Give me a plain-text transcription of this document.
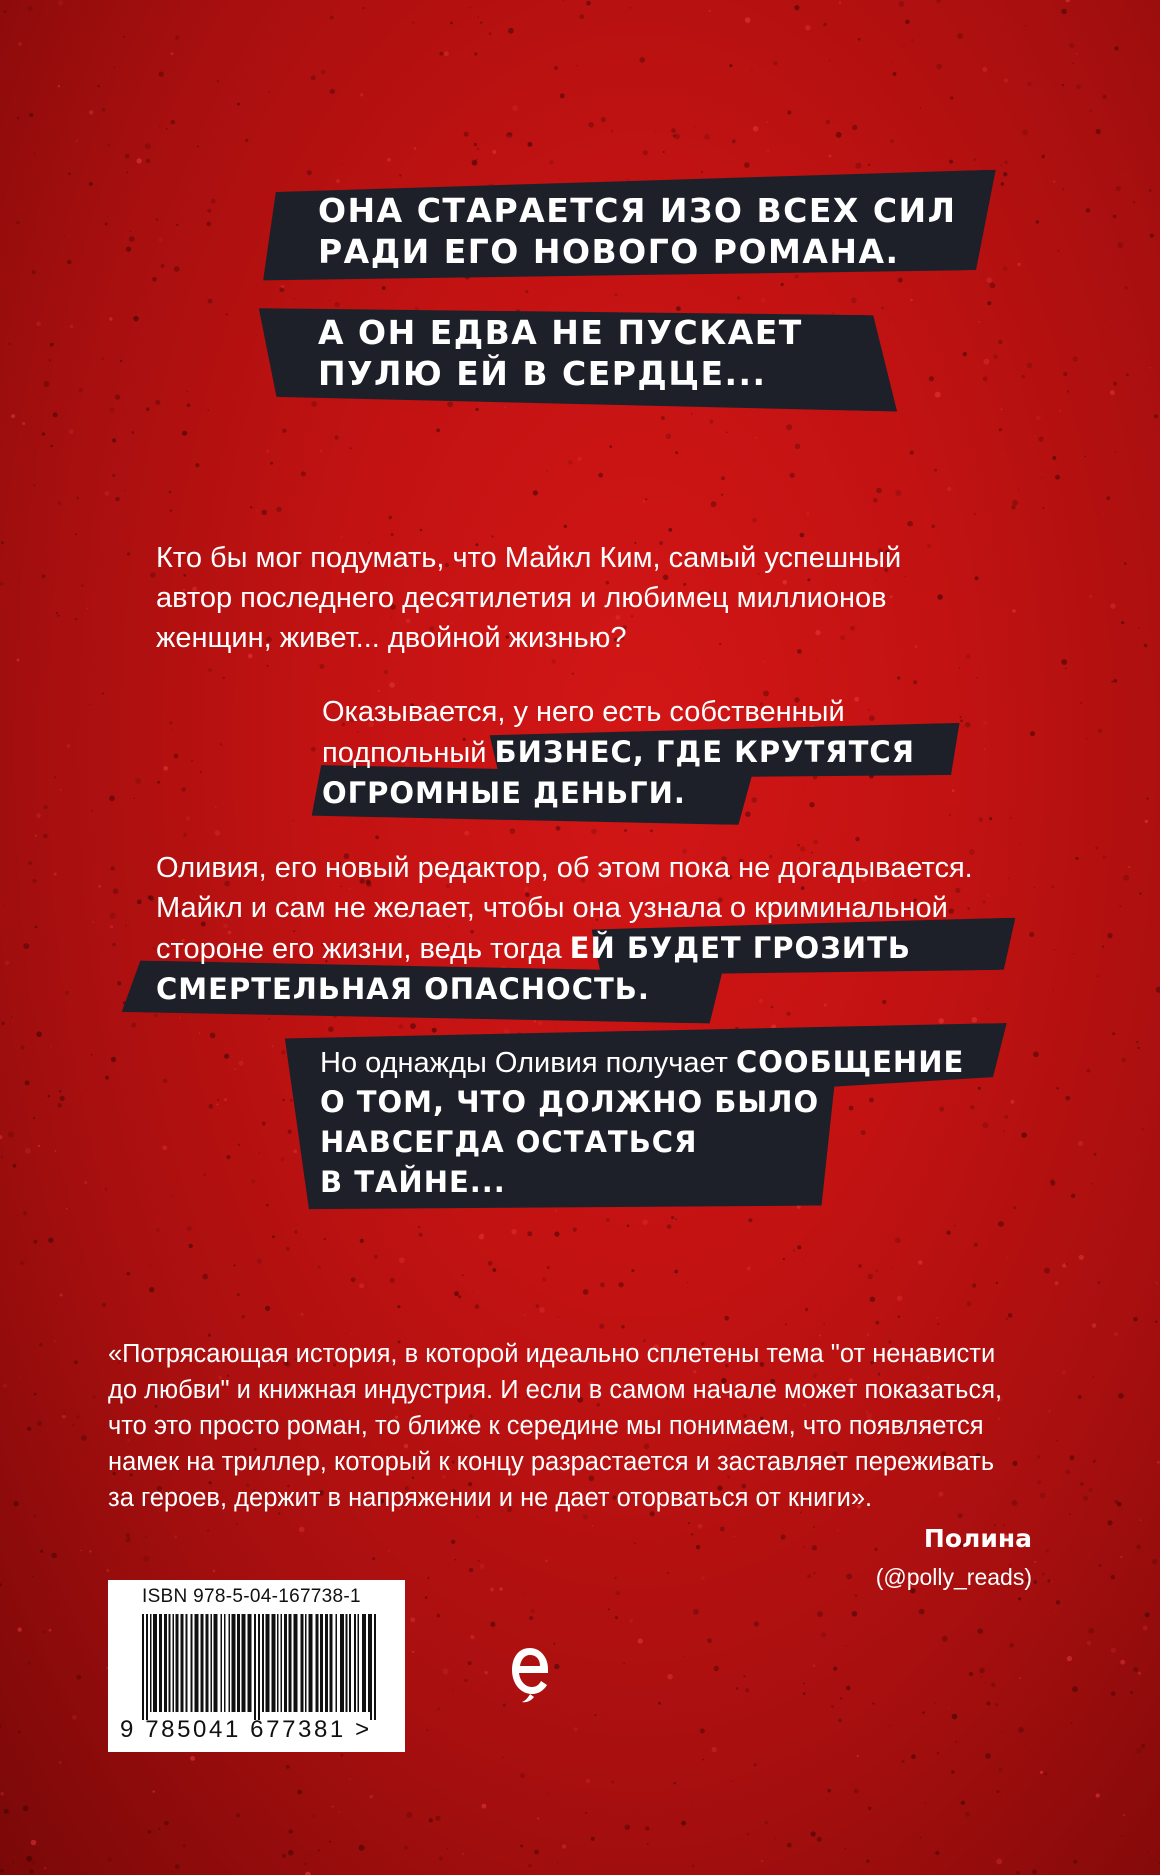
ОНА СТАРАЕТСЯ ИЗО ВСЕХ СИЛ
РАДИ ЕГО НОВОГО РОМАНА.
А ОН ЕДВА НЕ ПУСКАЕТ
ПУЛЮ ЕЙ В СЕРДЦЕ...
Кто бы мог подумать, что Майкл Ким, самый успешный
автор последнего десятилетия и любимец миллионов
женщин, живет... двойной жизнью?
Оказывается, у него есть собственный
подпольный БИЗНЕС, ГДЕ КРУТЯТСЯ
ОГРОМНЫЕ ДЕНЬГИ.
Оливия, его новый редактор, об этом пока не догадывается.
Майкл и сам не желает, чтобы она узнала о криминальной
стороне его жизни, ведь тогда ЕЙ БУДЕТ ГРОЗИТЬ
СМЕРТЕЛЬНАЯ ОПАСНОСТЬ.
Но однажды Оливия получает СООБЩЕНИЕ
О ТОМ, ЧТО ДОЛЖНО БЫЛО
НАВСЕГДА ОСТАТЬСЯ
В ТАЙНЕ...
«Потрясающая история, в которой идеально сплетены тема "от ненависти
до любви" и книжная индустрия. И если в самом начале может показаться,
что это просто роман, то ближе к середине мы понимаем, что появляется
намек на триллер, который к концу разрастается и заставляет переживать
за героев, держит в напряжении и не дает оторваться от книги».
Полина
(@polly_reads)
ISBN 978-5-04-167738-1
9 785041 677381 >
